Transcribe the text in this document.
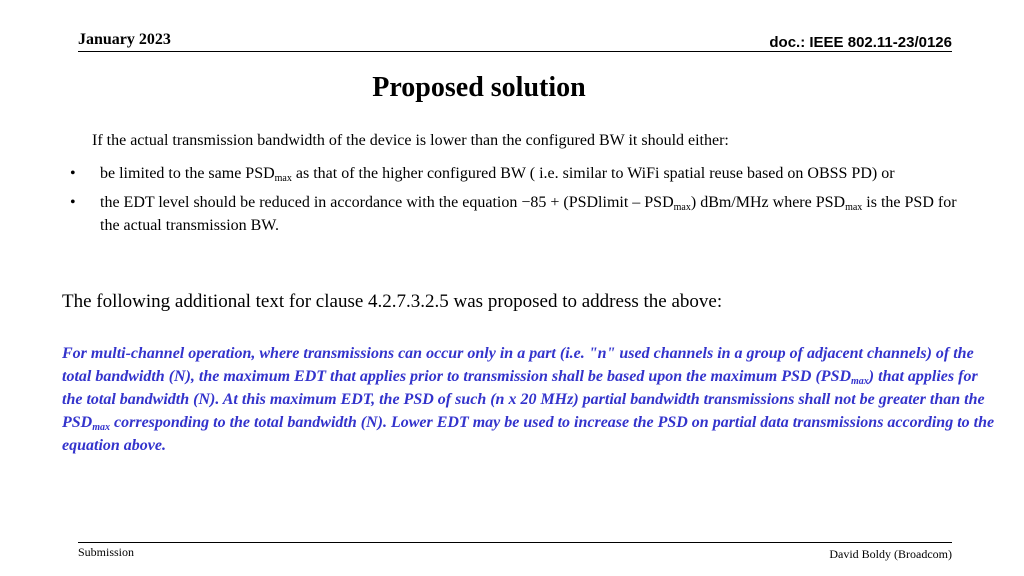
January 2023	doc.: IEEE 802.11-23/0126
Proposed solution
If the actual transmission bandwidth of the device is lower than the configured BW it should either:
• be limited to the same $PSD_{max}$ as that of the higher configured BW ( i.e. similar to WiFi spatial reuse based on OBSS PD) or
• the EDT level should be reduced in accordance with the equation −85 + (PSDlimit – $PSD_{max}$) dBm/MHz where $PSD_{max}$ is the PSD for the actual transmission BW.
The following additional text for clause 4.2.7.3.2.5 was proposed to address the above:
For multi-channel operation, where transmissions can occur only in a part (i.e. "n" used channels in a group of adjacent channels) of the total bandwidth (N), the maximum EDT that applies prior to transmission shall be based upon the maximum PSD $(PSD_{max})$ that applies for the total bandwidth (N). At this maximum EDT, the PSD of such (n x 20 MHz) partial bandwidth transmissions shall not be greater than the $PSD_{max}$ corresponding to the total bandwidth (N). Lower EDT may be used to increase the PSD on partial data transmissions according to the equation above.
Submission	David Boldy (Broadcom)
